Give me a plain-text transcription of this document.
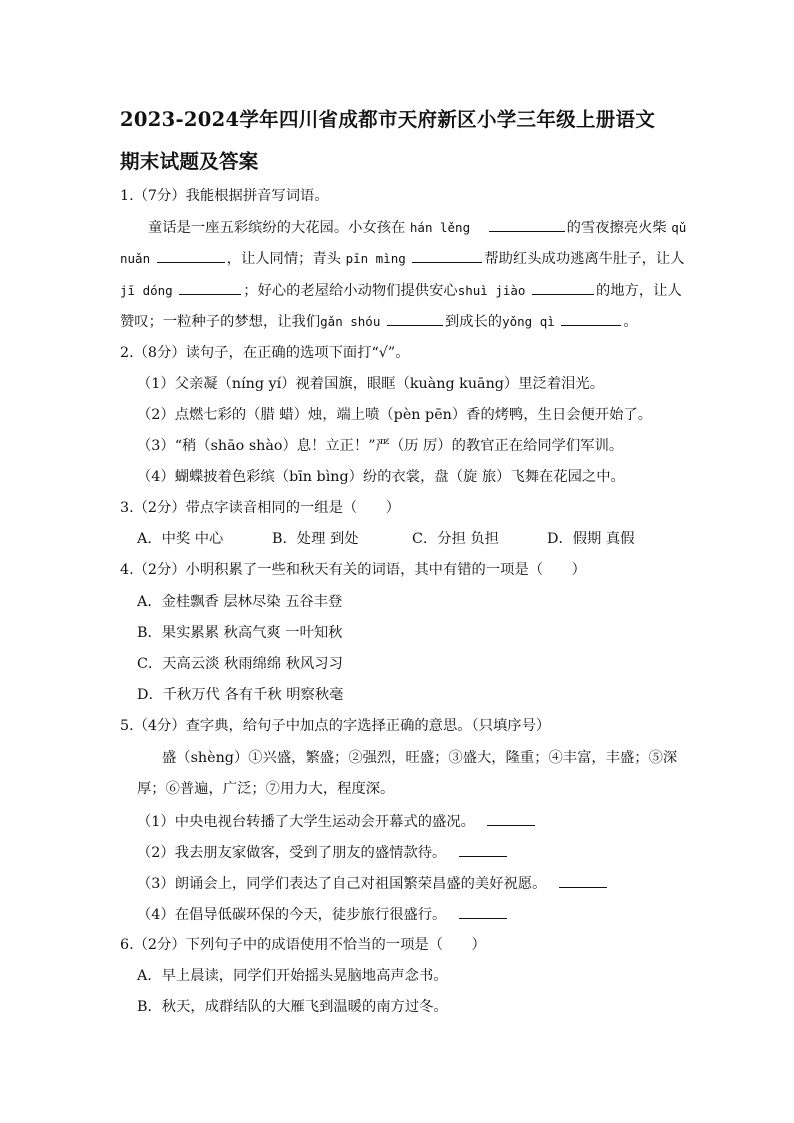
2023-2024学年四川省成都市天府新区小学三年级上册语文
期末试题及答案
1.（7分）我能根据拼音写词语。
童话是一座五彩缤纷的大花园。小女孩在 hán lěng	的雪夜擦亮火柴 qǔ
nuǎn	，让人同情；青头 pīn mìng	帮助红头成功逃离牛肚子，让人
jī dóng	；好心的老屋给小动物们提供安心shuì jiào	的地方，让人
赞叹；一粒种子的梦想，让我们gǎn shóu	到成长的yǒng qì	。
2.（8分）读句子，在正确的选项下面打“√”。
（1）父亲凝（níng yí）视着国旗，眼眶（kuàng kuāng）里泛着泪光。
（2）点燃七彩的（腊 蜡）烛，端上喷（pèn pēn）香的烤鸭，生日会便开始了。
（3）“稍（shāo shào）息！立正！”严（历 厉）的教官正在给同学们军训。
（4）蝴蝶披着色彩缤（bīn bìng）纷的衣裳，盘（旋 旅）飞舞在花园之中。
3.（2分）带点字读音相同的一组是（　　）
A．中奖 中心	B．处理 到处	C．分担 负担	D．假期 真假
4.（2分）小明积累了一些和秋天有关的词语，其中有错的一项是（　　）
A．金桂飘香 层林尽染 五谷丰登
B．果实累累 秋高气爽 一叶知秋
C．天高云淡 秋雨绵绵 秋风习习
D．千秋万代 各有千秋 明察秋毫
5.（4分）查字典，给句子中加点的字选择正确的意思。（只填序号）
盛（shèng）①兴盛，繁盛；②强烈，旺盛；③盛大，隆重；④丰富，丰盛；⑤深
厚；⑥普遍，广泛；⑦用力大，程度深。
（1）中央电视台转播了大学生运动会开幕式的盛况。
（2）我去朋友家做客，受到了朋友的盛情款待。
（3）朗诵会上，同学们表达了自己对祖国繁荣昌盛的美好祝愿。
（4）在倡导低碳环保的今天，徒步旅行很盛行。
6.（2分）下列句子中的成语使用不恰当的一项是（　　）
A．早上晨读，同学们开始摇头晃脑地高声念书。
B．秋天，成群结队的大雁飞到温暖的南方过冬。
